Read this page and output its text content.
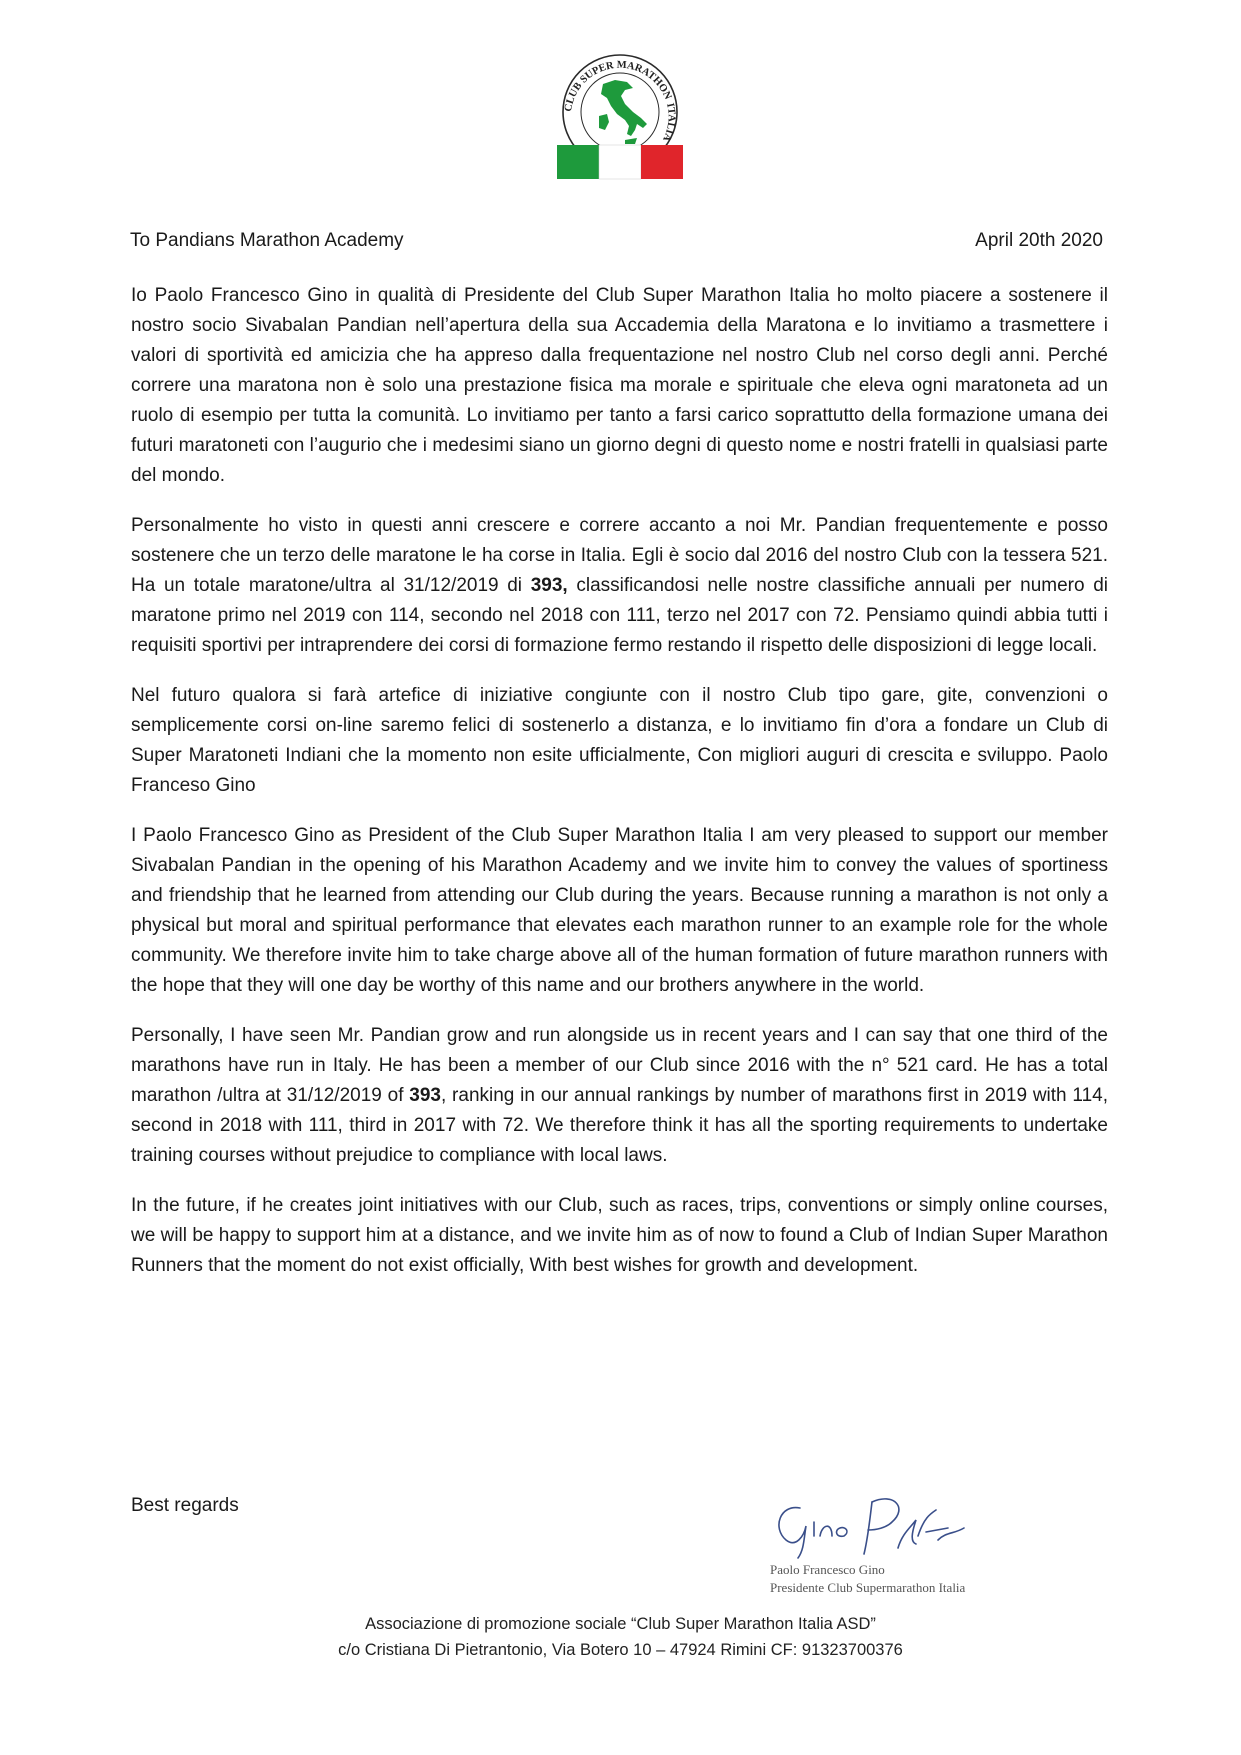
CLUB SUPER MARATHON
ITALIA
To Pandians Marathon Academy	April 20th 2020

Io Paolo Francesco Gino in qualità di Presidente del Club Super Marathon Italia ho molto piacere a sostenere il nostro socio Sivabalan Pandian nell’apertura della sua Accademia della Maratona e lo invitiamo a trasmettere i valori di sportività ed amicizia che ha appreso dalla frequentazione nel nostro Club nel corso degli anni. Perché correre una maratona non è solo una prestazione fisica ma morale e spirituale che eleva ogni maratoneta ad un ruolo di esempio per tutta la comunità. Lo invitiamo per tanto a farsi carico soprattutto della formazione umana dei futuri maratoneti con l’augurio che i medesimi siano un giorno degni di questo nome e nostri fratelli in qualsiasi parte del mondo.

Personalmente ho visto in questi anni crescere e correre accanto a noi Mr. Pandian frequentemente e posso sostenere che un terzo delle maratone le ha corse in Italia. Egli è socio dal 2016 del nostro Club con la tessera 521. Ha un totale maratone/ultra al 31/12/2019 di 393, classificandosi nelle nostre classifiche annuali per numero di maratone primo nel 2019 con 114, secondo nel 2018 con 111, terzo nel 2017 con 72. Pensiamo quindi abbia tutti i requisiti sportivi per intraprendere dei corsi di formazione fermo restando il rispetto delle disposizioni di legge locali.

Nel futuro qualora si farà artefice di iniziative congiunte con il nostro Club tipo gare, gite, convenzioni o semplicemente corsi on-line saremo felici di sostenerlo a distanza, e lo invitiamo fin d’ora a fondare un Club di Super Maratoneti Indiani che la momento non esite ufficialmente, Con migliori auguri di crescita e sviluppo. Paolo Franceso Gino

I Paolo Francesco Gino as President of the Club Super Marathon Italia I am very pleased to support our member Sivabalan Pandian in the opening of his Marathon Academy and we invite him to convey the values of sportiness and friendship that he learned from attending our Club during the years. Because running a marathon is not only a physical but moral and spiritual performance that elevates each marathon runner to an example role for the whole community. We therefore invite him to take charge above all of the human formation of future marathon runners with the hope that they will one day be worthy of this name and our brothers anywhere in the world.

Personally, I have seen Mr. Pandian grow and run alongside us in recent years and I can say that one third of the marathons have run in Italy. He has been a member of our Club since 2016 with the n° 521 card. He has a total marathon /ultra at 31/12/2019 of 393, ranking in our annual rankings by number of marathons first in 2019 with 114, second in 2018 with 111, third in 2017 with 72. We therefore think it has all the sporting requirements to undertake training courses without prejudice to compliance with local laws.

In the future, if he creates joint initiatives with our Club, such as races, trips, conventions or simply online courses, we will be happy to support him at a distance, and we invite him as of now to found a Club of Indian Super Marathon Runners that the moment do not exist officially, With best wishes for growth and development.

Best regards
Paolo Francesco Gino
Presidente Club Supermarathon Italia
Associazione di promozione sociale “Club Super Marathon Italia ASD”
c/o Cristiana Di Pietrantonio, Via Botero 10 – 47924 Rimini CF: 91323700376
